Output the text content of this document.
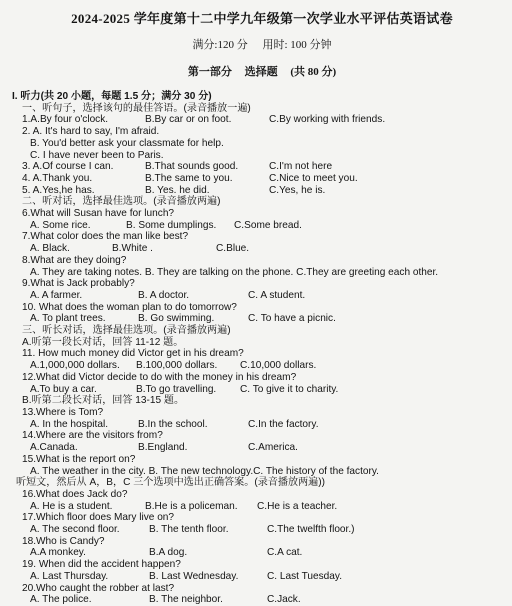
2024-2025 学年度第十二中学九年级第一次学业水平评估英语试卷
满分:120 分 用时: 100 分钟
第一部分 选择题 (共 80 分)
I. 听力(共 20 小题，每题 1.5 分；满分 30 分)
一、听句子，选择该句的最佳答语。(录音播放一遍)
1.A.By four o'clock.	B.By car or on foot.	C.By working with friends.
2. A. It's hard to say, I'm afraid.
B. You'd better ask your classmate for help.
C. I have never been to Paris.
3. A.Of course I can.	B.That sounds good.	C.I'm not here
4. A.Thank you.	B.The same to you.	C.Nice to meet you.
5. A.Yes,he has.	B. Yes. he did.	C.Yes, he is.
二、听对话，选择最佳选项。(录音播放两遍)
6.What will Susan have for lunch?
A. Some rice.	B. Some dumplings.	C.Some bread.
7.What color does the man like best?
A. Black.	B.White .	C.Blue.
8.What are they doing?
A. They are taking notes. B. They are talking on the phone. C.They are greeting each other.
9.What is Jack probably?
A. A farmer.	B. A doctor.	C. A student.
10. What does the woman plan to do tomorrow?
A. To plant trees.	B. Go swimming.	C. To have a picnic.
三、听长对话，选择最佳选项。(录音播放两遍)
A.听第一段长对话，回答 11-12 题。
11. How much money did Victor get in his dream?
A.1,000,000 dollars.	B.100,000 dollars.	C.10,000 dollars.
12.What did Victor decide to do with the money in his dream?
A.To buy a car.	B.To go travelling.	C. To give it to charity.
B.听第二段长对话，回答 13-15 题。
13.Where is Tom?
A. In the hospital.	B.In the school.	C.In the factory.
14.Where are the visitors from?
A.Canada.	B.England.	C.America.
15.What is the report on?
A. The weather in the city. B. The new technology.C. The history of the factory.
听短文，然后从 A，B，C 三个选项中选出正确答案。(录音播放两遍))
16.What does Jack do?
A. He is a student.	B.He is a policeman.	C.He is a teacher.
17.Which floor does Mary live on?
A. The second floor.	B. The tenth floor.	C.The twelfth floor.)
18.Who is Candy?
A.A monkey.	B.A dog.	C.A cat.
19. When did the accident happen?
A. Last Thursday.	B. Last Wednesday.	C. Last Tuesday.
20.Who caught the robber at last?
A. The police.	B. The neighbor.	C.Jack.
